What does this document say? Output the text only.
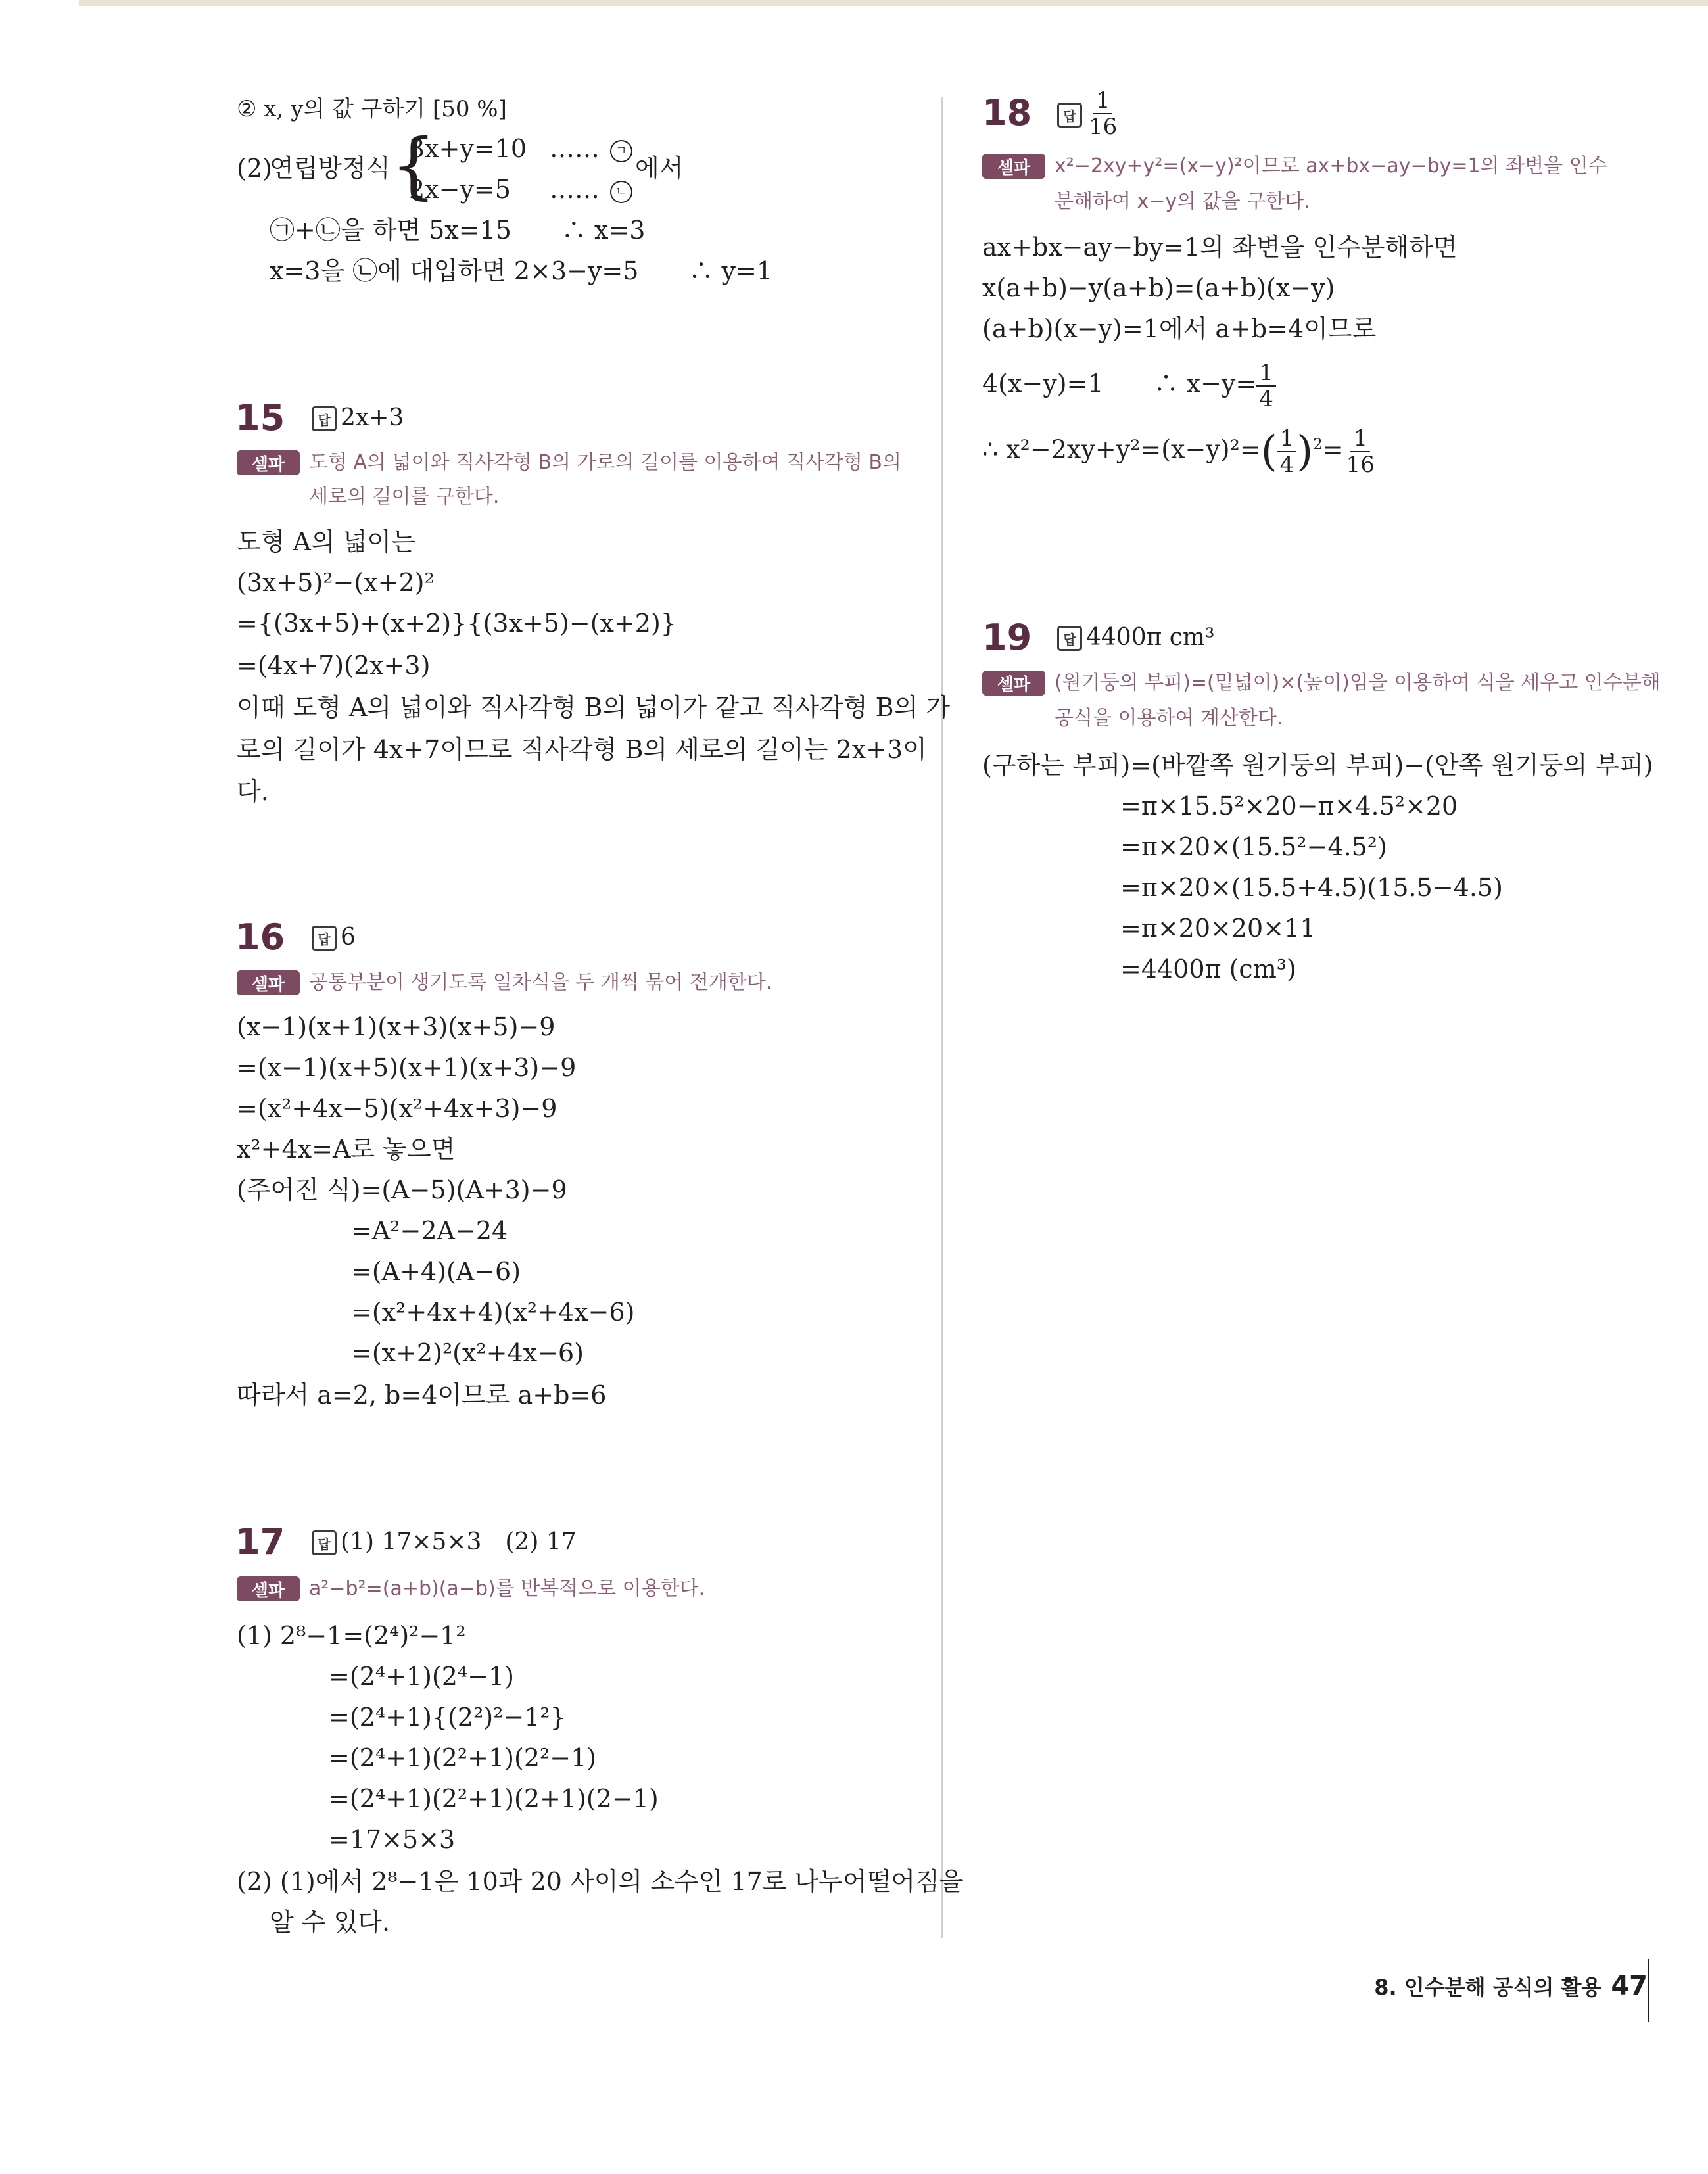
② x, y의 값 구하기 [50 %]
(2)
연립방정식 {
3x+y=10 ……	ㄱ
2x−y=5 ……	ㄴ
에서
㉠+㉡을 하면 5x=15　　∴ x=3
x=3을 ㉡에 대입하면 2×3−y=5　　∴ y=1
15	답 2x+3
셀파	도형 A의 넓이와 직사각형 B의 가로의 길이를 이용하여 직사각형 B의
세로의 길이를 구한다.
도형 A의 넓이는
(3x+5)²−(x+2)²
={(3x+5)+(x+2)}{(3x+5)−(x+2)}
=(4x+7)(2x+3)
이때 도형 A의 넓이와 직사각형 B의 넓이가 같고 직사각형 B의 가
로의 길이가 4x+7이므로 직사각형 B의 세로의 길이는 2x+3이
다.
16	답 6
셀파	공통부분이 생기도록 일차식을 두 개씩 묶어 전개한다.
(x−1)(x+1)(x+3)(x+5)−9
=(x−1)(x+5)(x+1)(x+3)−9
=(x²+4x−5)(x²+4x+3)−9
x²+4x=A로 놓으면
(주어진 식)=(A−5)(A+3)−9
=A²−2A−24
=(A+4)(A−6)
=(x²+4x+4)(x²+4x−6)
=(x+2)²(x²+4x−6)
따라서 a=2, b=4이므로 a+b=6
17	답 (1) 17×5×3　(2) 17
셀파	a²−b²=(a+b)(a−b)를 반복적으로 이용한다.
(1) 2⁸−1=(2⁴)²−1²
=(2⁴+1)(2⁴−1)
=(2⁴+1){(2²)²−1²}
=(2⁴+1)(2²+1)(2²−1)
=(2⁴+1)(2²+1)(2+1)(2−1)
=17×5×3
(2) (1)에서 2⁸−1은 10과 20 사이의 소수인 17로 나누어떨어짐을
알 수 있다.
18	답 $\frac{1}{16}$
셀파	x²−2xy+y²=(x−y)²이므로 ax+bx−ay−by=1의 좌변을 인수
분해하여 x−y의 값을 구한다.
ax+bx−ay−by=1의 좌변을 인수분해하면
x(a+b)−y(a+b)=(a+b)(x−y)
(a+b)(x−y)=1에서 a+b=4이므로
4(x−y)=1　　∴ $x-y= \frac{1}{4}$
∴ $x^2-2xy+y^2=(x-y)^2=( \frac{1}{4} )^2= \frac{1}{16}$
19	답 4400π cm³
셀파	(원기둥의 부피)=(밑넓이)×(높이)임을 이용하여 식을 세우고 인수분해
공식을 이용하여 계산한다.
(구하는 부피)=(바깥쪽 원기둥의 부피)−(안쪽 원기둥의 부피)
=π×15.5²×20−π×4.5²×20
=π×20×(15.5²−4.5²)
=π×20×(15.5+4.5)(15.5−4.5)
=π×20×20×11
=4400π (cm³)
8. 인수분해 공식의 활용 47
